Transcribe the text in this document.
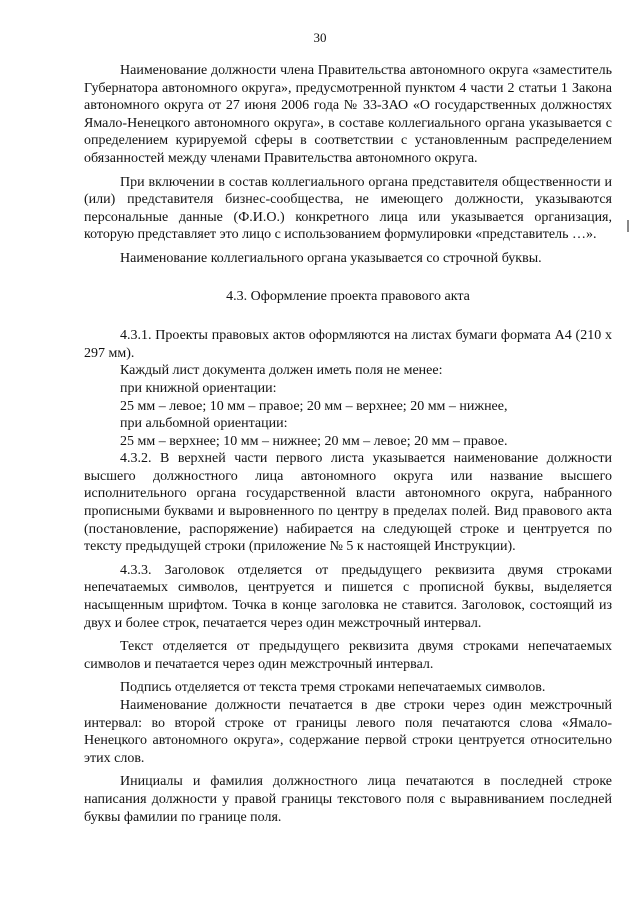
30

Наименование должности члена Правительства автономного округа «заместитель Губернатора автономного округа», предусмотренной пунктом 4 части 2 статьи 1 Закона автономного округа от 27 июня 2006 года № 33-ЗАО «О государственных должностях Ямало-Ненецкого автономного округа», в составе коллегиального органа указывается с определением курируемой сферы в соответствии с установленным распределением обязанностей между членами Правительства автономного округа.

При включении в состав коллегиального органа представителя общественности и (или) представителя бизнес-сообщества, не имеющего должности, указываются персональные данные (Ф.И.О.) конкретного лица или указывается организация, которую представляет это лицо с использованием формулировки «представитель …».

Наименование коллегиального органа указывается со строчной буквы.

4.3. Оформление проекта правового акта

4.3.1. Проекты правовых актов оформляются на листах бумаги формата А4 (210 х 297 мм).

Каждый лист документа должен иметь поля не менее:

при книжной ориентации:

25 мм – левое; 10 мм – правое; 20 мм – верхнее; 20 мм – нижнее,

при альбомной ориентации:

25 мм – верхнее; 10 мм – нижнее; 20 мм – левое; 20 мм – правое.

4.3.2. В верхней части первого листа указывается наименование должности высшего должностного лица автономного округа или название высшего исполнительного органа государственной власти автономного округа, набранного прописными буквами и выровненного по центру в пределах полей. Вид правового акта (постановление, распоряжение) набирается на следующей строке и центруется по тексту предыдущей строки (приложение № 5 к настоящей Инструкции).

4.3.3. Заголовок отделяется от предыдущего реквизита двумя строками непечатаемых символов, центруется и пишется с прописной буквы, выделяется насыщенным шрифтом. Точка в конце заголовка не ставится. Заголовок, состоящий из двух и более строк, печатается через один межстрочный интервал.

Текст отделяется от предыдущего реквизита двумя строками непечатаемых символов и печатается через один межстрочный интервал.

Подпись отделяется от текста тремя строками непечатаемых символов.

Наименование должности печатается в две строки через один межстрочный интервал: во второй строке от границы левого поля печатаются слова «Ямало-Ненецкого автономного округа», содержание первой строки центруется относительно этих слов.

Инициалы и фамилия должностного лица печатаются в последней строке написания должности у правой границы текстового поля с выравниванием последней буквы фамилии по границе поля.
